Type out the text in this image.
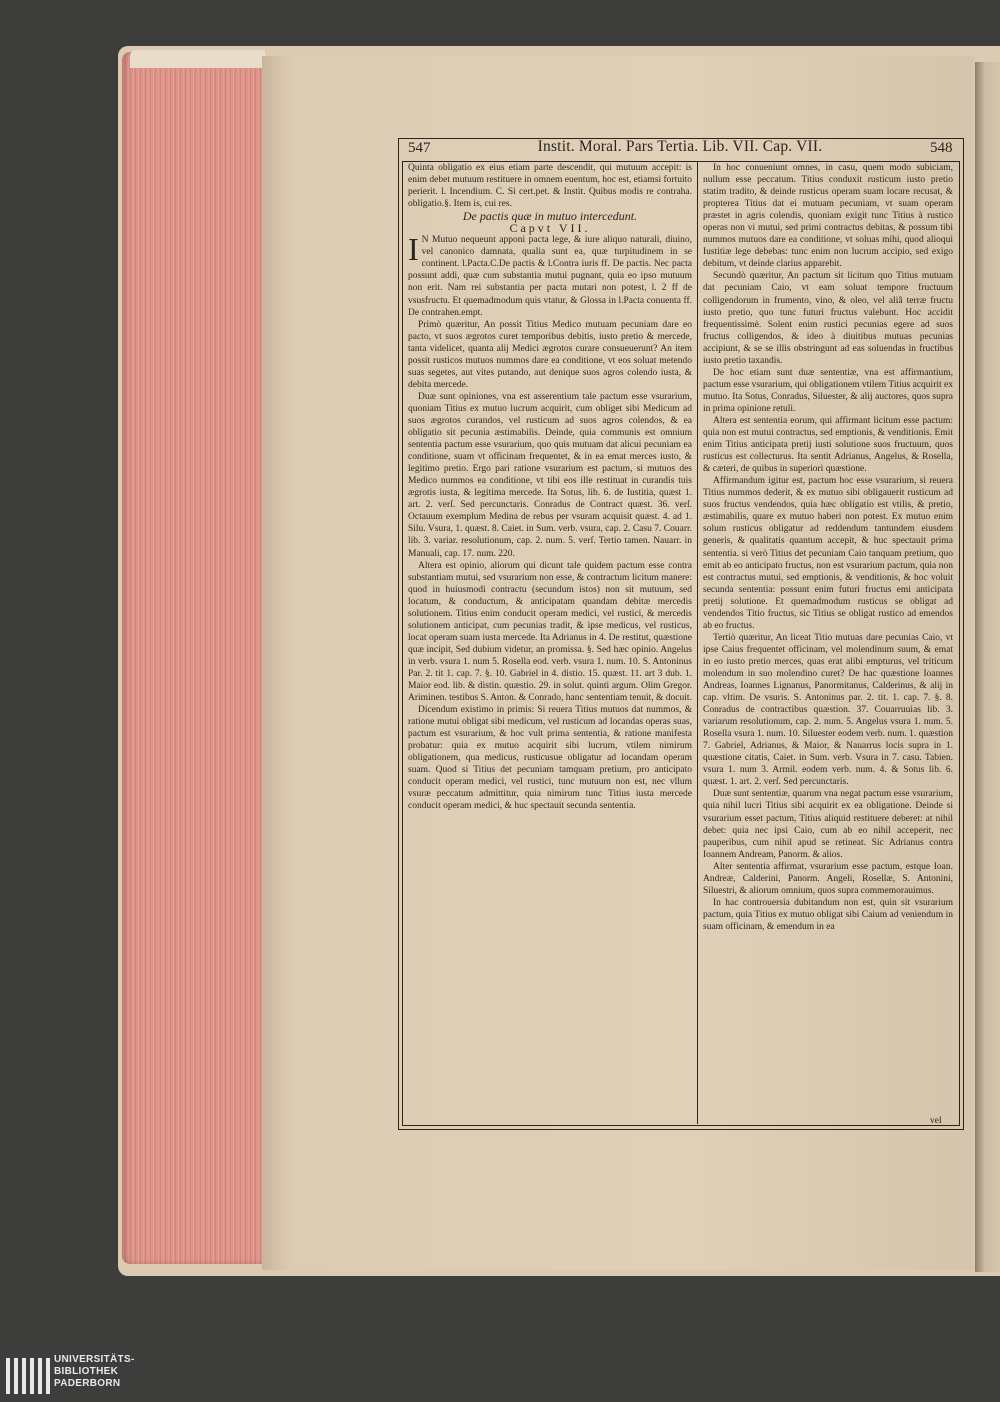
547	Instit. Moral. Pars Tertia. Lib. VII. Cap. VII.	548

Quinta obligatio ex eius etiam parte descendit, qui mutuum accepit: is enim debet mutuum restituere in omnem euentum, hoc est, etiamsi fortuito perierit. l. Incendium. C. Si cert.pet. & Instit. Quibus modis re contraha. obligatio.§. Item is, cui res.

De pactis quæ in mutuo intercedunt.

Capvt VII.

I N Mutuo nequeunt apponi pacta lege, & iure aliquo naturali, diuino, vel canonico damnata, qualia sunt ea, quæ turpitudinem in se continent. l.Pacta.C.De pactis & l.Contra iuris ff. De pactis. Nec pacta possunt addi, quæ cum substantia mutui pugnant, quia eo ipso mutuum non erit. Nam rei substantia per pacta mutari non potest, l. 2 ff de vsusfructu. Et quemadmodum quis vtatur, & Glossa in l.Pacta conuenta ff. De contrahen.empt.

Primò quæritur, An possit Titius Medico mutuam pecuniam dare eo pacto, vt suos ægrotos curet temporibus debitis, iusto pretio & mercede, tanta videlicet, quanta alij Medici ægrotos curare consueuerunt? An item possit rusticos mutuos nummos dare ea conditione, vt eos soluat metendo suas segetes, aut vites putando, aut denique suos agros colendo iusta, & debita mercede.

Duæ sunt opiniones, vna est asserentium tale pactum esse vsurarium, quoniam Titius ex mutuo lucrum acquirit, cum obliget sibi Medicum ad suos ægrotos curandos, vel rusticum ad suos agros colendos, & ea obligatio sit pecunia æstimabilis. Deinde, quia communis est omnium sententia pactum esse vsurarium, quo quis mutuam dat alicui pecuniam ea conditione, suam vt officinam frequentet, & in ea emat merces iusto, & legitimo pretio. Ergo pari ratione vsurarium est pactum, si mutuos des Medico nummos ea conditione, vt tibi eos ille restituat in curandis tuis ægrotis iusta, & legitima mercede. Ita Sotus, lib. 6. de Iustitia, quæst 1. art. 2. verſ. Sed percunctaris. Conradus de Contract quæst. 36. verſ. Octauum exemplum Medina de rebus per vsuram acquisit quæst. 4. ad 1. Silu. Vsura, 1. quæst. 8. Caiet. in Sum. verb. vsura, cap. 2. Casu 7. Couarr. lib. 3. variar. resolutionum, cap. 2. num. 5. verſ. Tertio tamen. Nauarr. in Manuali, cap. 17. num. 220.

Altera est opinio, aliorum qui dicunt tale quidem pactum esse contra substantiam mutui, sed vsurarium non esse, & contractum licitum manere: quod in huiusmodi contractu (secundum istos) non sit mutuum, sed locatum, & conductum, & anticipatam quandam debitæ mercedis solutionem. Titius enim conducit operam medici, vel rustici, & mercedis solutionem anticipat, cum pecunias tradit, & ipse medicus, vel rusticus, locat operam suam iusta mercede. Ita Adrianus in 4. De restitut, quæstione quæ incipit, Sed dubium videtur, an promissa. §. Sed hæc opinio. Angelus in verb. vsura 1. num 5. Rosella eod. verb. vsura 1. num. 10. S. Antoninus Par. 2. tit 1. cap. 7. §. 10. Gabriel in 4. distio. 15. quæst. 11. art 3 dub. 1. Maior eod. lib. & distin. quæstio. 29. in solut. quinti argum. Olim Gregor. Ariminen. testibus S. Anton. & Conrado, hanc sententiam tenuit, & docuit.

Dicendum existimo in primis: Si reuera Titius mutuos dat nummos, & ratione mutui obligat sibi medicum, vel rusticum ad locandas operas suas, pactum est vsurarium, & hoc vult prima sententia, & ratione manifesta probatur: quia ex mutuo acquirit sibi lucrum, vtilem nimirum obligationem, qua medicus, rusticusue obligatur ad locandam operam suam. Quod si Titius det pecuniam tamquam pretium, pro anticipato conducit operam medici, vel rustici, tunc mutuum non est, nec vllum vsuræ peccatum admittitur, quia nimirum tunc Titius iusta mercede conducit operam medici, & huc spectauit secunda sententia.

In hoc conueniunt omnes, in casu, quem modo subiciam, nullum esse peccatum. Titius conduxit rusticum iusto pretio statim tradito, & deinde rusticus operam suam locare recusat, & propterea Titius dat ei mutuam pecuniam, vt suam operam præstet in agris colendis, quoniam exigit tunc Titius à rustico operas non vi mutui, sed primi contractus debitas, & possum tibi nummos mutuos dare ea conditione, vt soluas mihi, quod alioqui Iustitiæ lege debebas: tunc enim non lucrum accipio, sed exigo debitum, vt deinde clarius apparebit.

Secundò quæritur, An pactum sit licitum quo Titius mutuam dat pecuniam Caio, vt eam soluat tempore fructuum colligendorum in frumento, vino, & oleo, vel aliâ terræ fructu iusto pretio, quo tunc futuri fructus valebunt. Hoc accidit frequentissimè. Solent enim rustici pecunias egere ad suos fructus colligendos, & ideo à diuitibus mutuas pecunias accipiunt, & se se illis obstringunt ad eas soluendas in fructibus iusto pretio taxandis.

De hoc etiam sunt duæ sententiæ, vna est affirmantium, pactum esse vsurarium, qui obligationem vtilem Titius acquirit ex mutuo. Ita Sotus, Conradus, Siluester, & alij auctores, quos supra in prima opinione retuli.

Altera est sententia eorum, qui affirmant licitum esse pactum: quia non est mutui contractus, sed emptionis, & venditionis. Emit enim Titius anticipata pretij iusti solutione suos fructuum, quos rusticus est collecturus. Ita sentit Adrianus, Angelus, & Rosella, & cæteri, de quibus in superiori quæstione.

Affirmandum igitur est, pactum hoc esse vsurarium, si reuera Titius nummos dederit, & ex mutuo sibi obligauerit rusticum ad suos fructus vendendos, quia hæc obligatio est vtilis, & pretio, æstimabilis, quare ex mutuo haberi non potest. Ex mutuo enim solum rusticus obligatur ad reddendum tantundem eiusdem generis, & qualitatis quantum accepit, & huc spectauit prima sententia. si verò Titius det pecuniam Caio tanquam pretium, quo emit ab eo anticipato fructus, non est vsurarium pactum, quia non est contractus mutui, sed emptionis, & venditionis, & hoc voluit secunda sententia: possunt enim futuri fructus emi anticipata pretij solutione. Et quemadmodum rusticus se obligat ad vendendos Titio fructus, sic Titius se obligat rustico ad emendos ab eo fructus.

Tertiò quæritur, An liceat Titio mutuas dare pecunias Caio, vt ipse Caius frequentet officinam, vel molendinum suum, & emat in eo iusto pretio merces, quas erat alibi empturus, vel triticum molendum in suo molendino curet? De hac quæstione Ioannes Andreas, Ioannes Lignanus, Panormitanus, Calderinus, & alij in cap. vltim. De vsuris. S. Antoninus par. 2. tit. 1. cap. 7. §. 8. Conradus de contractibus quæstion. 37. Couarruuias lib. 3. variarum resolutionum, cap. 2. num. 5. Angelus vsura 1. num. 5. Rosella vsura 1. num. 10. Siluester eodem verb. num. 1. quæstion 7. Gabriel, Adrianus, & Maior, & Nauarrus locis supra in 1. quæstione citatis, Caiet. in Sum. verb. Vsura in 7. casu. Tabien. vsura 1. num 3. Armil. eodem verb. num. 4. & Sotus lib. 6. quæst. 1. art. 2. verſ. Sed percunctaris.

Duæ sunt sententiæ, quarum vna negat pactum esse vsurarium, quia nihil lucri Titius sibi acquirit ex ea obligatione. Deinde si vsurarium esset pactum, Titius aliquid restituere deberet: at nihil debet: quia nec ipsi Caio, cum ab eo nihil acceperit, nec pauperibus, cum nihil apud se retineat. Sic Adrianus contra Ioannem Andream, Panorm. & alios.

Alter sententia affirmat, vsurarium esse pactum, estque Ioan. Andreæ, Calderini, Panorm. Angeli, Rosellæ, S. Antonini, Siluestri, & aliorum omnium, quos supra commemorauimus.

In hac controuersia dubitandum non est, quin sit vsurarium pactum, quia Titius ex mutuo obligat sibi Caium ad veniendum in suam officinam, & emendum in ea

vel
UNIVERSITÄTS-
BIBLIOTHEK
PADERBORN
